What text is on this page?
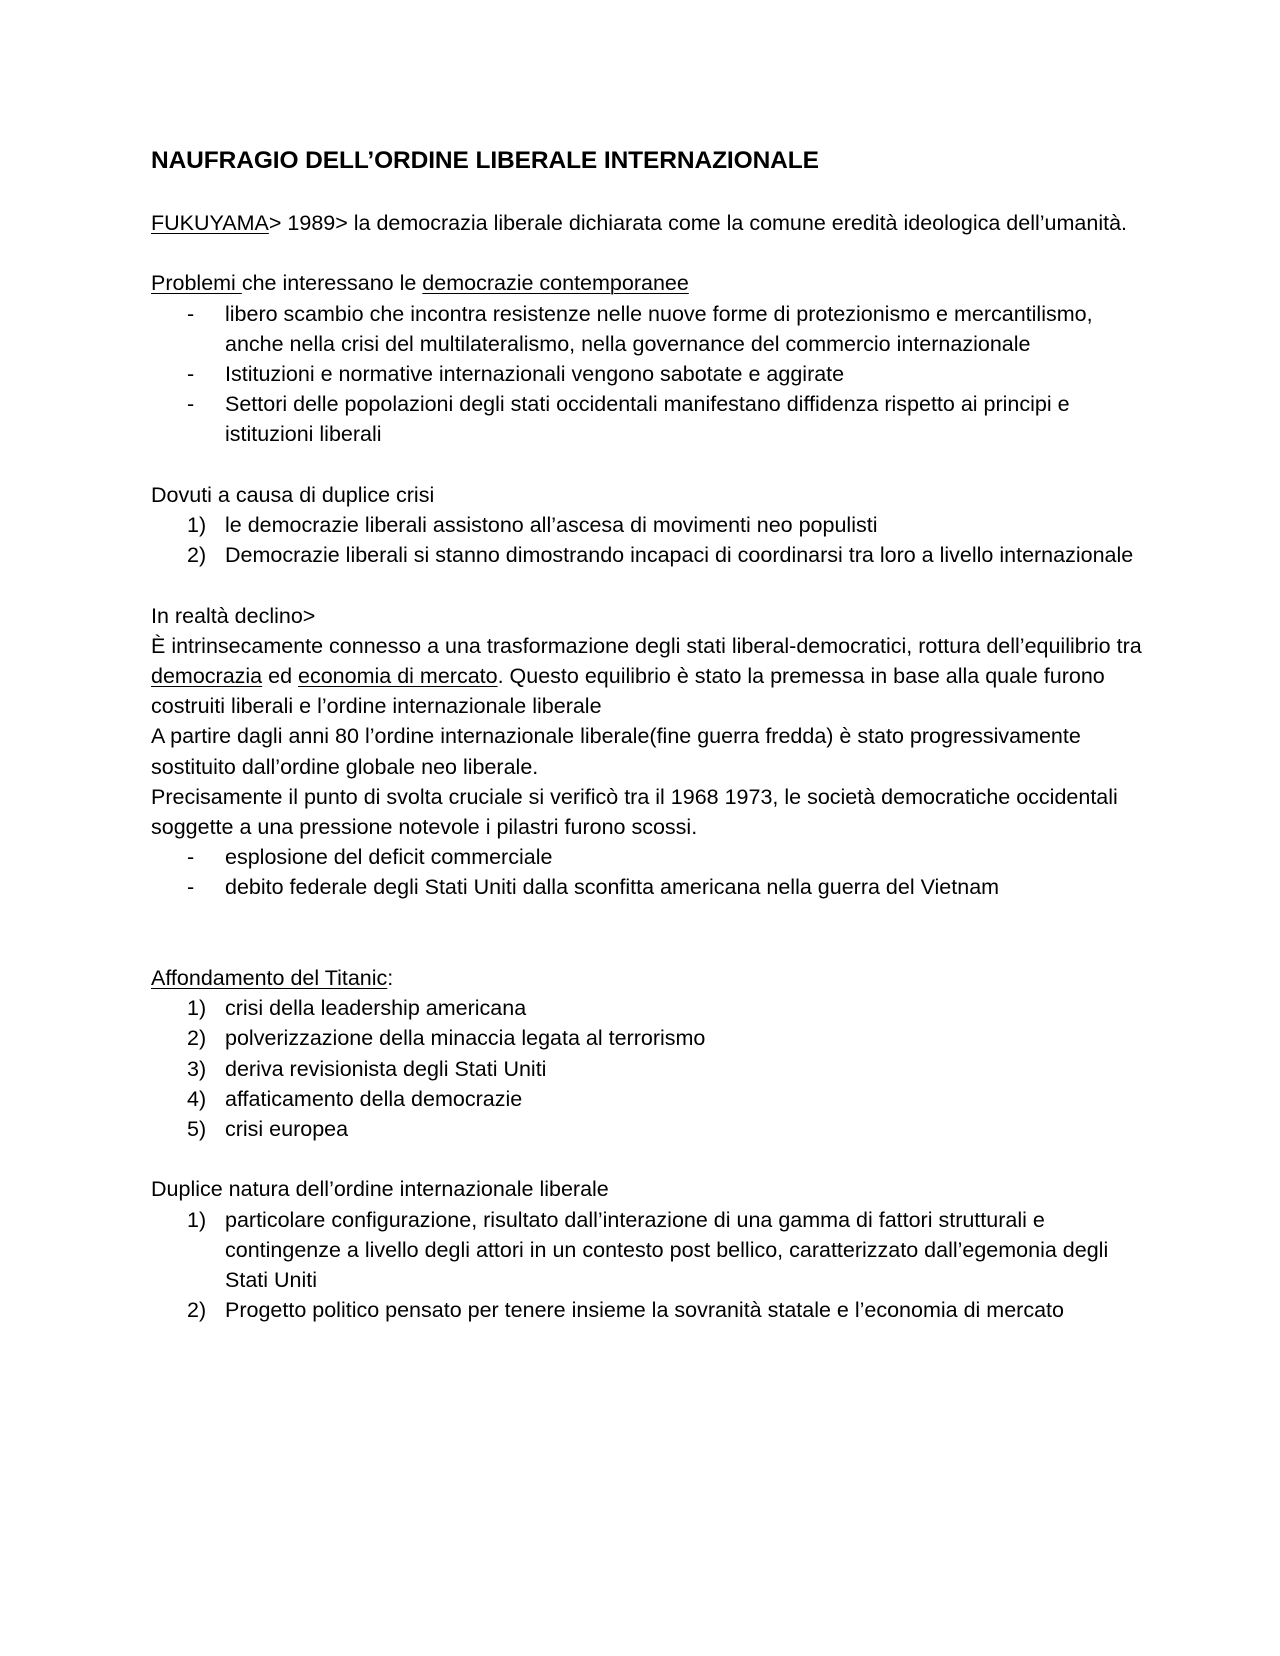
NAUFRAGIO DELL’ORDINE LIBERALE INTERNAZIONALE

FUKUYAMA> 1989> la democrazia liberale dichiarata come la comune eredità ideologica dell’umanità.

Problemi che interessano le democrazie contemporanee

-	libero scambio che incontra resistenze nelle nuove forme di protezionismo e mercantilismo, anche nella crisi del multilateralismo, nella governance del commercio internazionale
-	Istituzioni e normative internazionali vengono sabotate e aggirate
-	Settori delle popolazioni degli stati occidentali manifestano diffidenza rispetto ai principi e istituzioni liberali

Dovuti a causa di duplice crisi

1) le democrazie liberali assistono all’ascesa di movimenti neo populisti
2) Democrazie liberali si stanno dimostrando incapaci di coordinarsi tra loro a livello internazionale

In realtà declino>

È intrinsecamente connesso a una trasformazione degli stati liberal-democratici, rottura dell’equilibrio tra democrazia ed economia di mercato. Questo equilibrio è stato la premessa in base alla quale furono costruiti liberali e l’ordine internazionale liberale

A partire dagli anni 80 l’ordine internazionale liberale(fine guerra fredda) è stato progressivamente sostituito dall’ordine globale neo liberale.

Precisamente il punto di svolta cruciale si verificò tra il 1968 1973, le società democratiche occidentali soggette a una pressione notevole i pilastri furono scossi.

-	esplosione del deficit commerciale
-	debito federale degli Stati Uniti dalla sconfitta americana nella guerra del Vietnam

Affondamento del Titanic:

1) crisi della leadership americana
2) polverizzazione della minaccia legata al terrorismo
3) deriva revisionista degli Stati Uniti
4) affaticamento della democrazie
5) crisi europea

Duplice natura dell’ordine internazionale liberale

1) particolare configurazione, risultato dall’interazione di una gamma di fattori strutturali e contingenze a livello degli attori in un contesto post bellico, caratterizzato dall’egemonia degli Stati Uniti
2) Progetto politico pensato per tenere insieme la sovranità statale e l’economia di mercato
